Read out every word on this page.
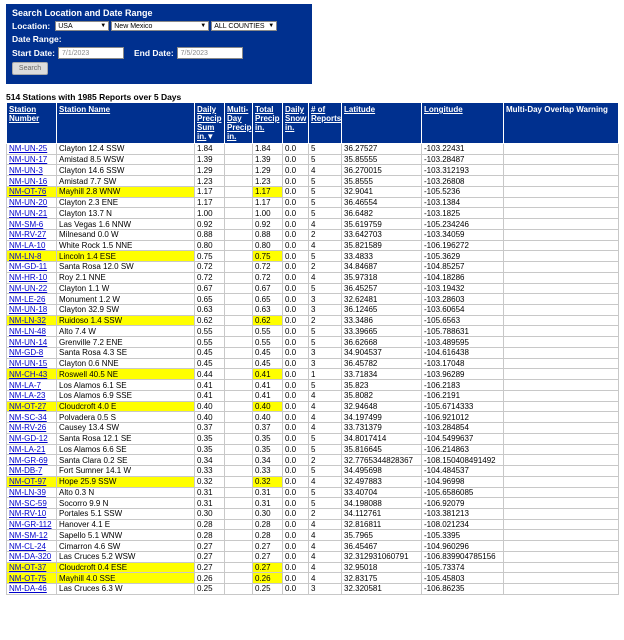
Search Location and Date Range
Location: USA	▼ New Mexico	▼ ALL COUNTIES ▼
Date Range:
Start Date:	7/1/2023	End Date:	7/5/2023
Search
514 Stations with 1985 Reports over 5 Days
Station Number	Station Name	Daily Precip Sum in.▼	Multi-Day Precip in.	Total Precip in.	Daily Snow in.	# of Reports	Latitude	Longitude	Multi-Day Overlap Warning
NM-UN-25	Clayton 12.4 SSW	1.84		1.84	0.0	5	36.27527	-103.22431	
NM-UN-17	Amistad 8.5 WSW	1.39		1.39	0.0	5	35.85555	-103.28487	
NM-UN-3	Clayton 14.6 SSW	1.29		1.29	0.0	4	36.270015	-103.312193	
NM-UN-16	Amistad 7.7 SW	1.23		1.23	0.0	5	35.8555	-103.26808	
NM-OT-76	Mayhill 2.8 WNW	1.17		1.17	0.0	5	32.9041	-105.5236	
NM-UN-20	Clayton 2.3 ENE	1.17		1.17	0.0	5	36.46554	-103.1384	
NM-UN-21	Clayton 13.7 N	1.00		1.00	0.0	5	36.6482	-103.1825	
NM-SM-6	Las Vegas 1.6 NNW	0.92		0.92	0.0	4	35.619759	-105.234246	
NM-RV-27	Milnesand 0.0 W	0.88		0.88	0.0	2	33.642703	-103.34059	
NM-LA-10	White Rock 1.5 NNE	0.80		0.80	0.0	4	35.821589	-106.196272	
NM-LN-8	Lincoln 1.4 ESE	0.75		0.75	0.0	5	33.4833	-105.3629	
NM-GD-11	Santa Rosa 12.0 SW	0.72		0.72	0.0	2	34.84687	-104.85257	
NM-HR-10	Roy 2.1 NNE	0.72		0.72	0.0	4	35.97318	-104.18286	
NM-UN-22	Clayton 1.1 W	0.67		0.67	0.0	5	36.45257	-103.19432	
NM-LE-26	Monument 1.2 W	0.65		0.65	0.0	3	32.62481	-103.28603	
NM-UN-18	Clayton 32.9 SW	0.63		0.63	0.0	3	36.12465	-103.60654	
NM-LN-32	Ruidoso 1.4 SSW	0.62		0.62	0.0	2	33.3486	-105.6563	
NM-LN-48	Alto 7.4 W	0.55		0.55	0.0	5	33.39665	-105.788631	
NM-UN-14	Grenville 7.2 ENE	0.55		0.55	0.0	5	36.62668	-103.489595	
NM-GD-8	Santa Rosa 4.3 SE	0.45		0.45	0.0	3	34.904537	-104.616438	
NM-UN-15	Clayton 0.6 NNE	0.45		0.45	0.0	3	36.45782	-103.17048	
NM-CH-43	Roswell 40.5 NE	0.44		0.41	0.0	1	33.71834	-103.96289	
NM-LA-7	Los Alamos 6.1 SE	0.41		0.41	0.0	5	35.823	-106.2183	
NM-LA-23	Los Alamos 6.9 SSE	0.41		0.41	0.0	4	35.8082	-106.2191	
NM-OT-27	Cloudcroft 4.0 E	0.40		0.40	0.0	4	32.94648	-105.6714333	
NM-SC-34	Polvadera 0.5 S	0.40		0.40	0.0	4	34.197499	-106.921012	
NM-RV-26	Causey 13.4 SW	0.37		0.37	0.0	4	33.731379	-103.284854	
NM-GD-12	Santa Rosa 12.1 SE	0.35		0.35	0.0	5	34.8017414	-104.5499637	
NM-LA-21	Los Alamos 6.6 SE	0.35		0.35	0.0	5	35.816645	-106.214863	
NM-GR-69	Santa Clara 0.2 SE	0.34		0.34	0.0	2	32.7765344828367	-108.150408491492	
NM-DB-7	Fort Sumner 14.1 W	0.33		0.33	0.0	5	34.495698	-104.484537	
NM-OT-97	Hope 25.9 SSW	0.32		0.32	0.0	4	32.497883	-104.96998	
NM-LN-39	Alto 0.3 N	0.31		0.31	0.0	5	33.40704	-105.6586085	
NM-SC-59	Socorro 9.9 N	0.31		0.31	0.0	5	34.198088	-106.92079	
NM-RV-10	Portales 5.1 SSW	0.30		0.30	0.0	2	34.112761	-103.381213	
NM-GR-112	Hanover 4.1 E	0.28		0.28	0.0	4	32.816811	-108.021234	
NM-SM-12	Sapello 5.1 WNW	0.28		0.28	0.0	4	35.7965	-105.3395	
NM-CL-24	Cimarron 4.6 SW	0.27		0.27	0.0	4	36.45467	-104.960296	
NM-DA-320	Las Cruces 5.2 WSW	0.27		0.27	0.0	4	32.312931060791	-106.839904785156	
NM-OT-37	Cloudcroft 0.4 ESE	0.27		0.27	0.0	4	32.95018	-105.73374	
NM-OT-75	Mayhill 4.0 SSE	0.26		0.26	0.0	4	32.83175	-105.45803	
NM-DA-46	Las Cruces 6.3 W	0.25		0.25	0.0	3	32.320581	-106.86235	
